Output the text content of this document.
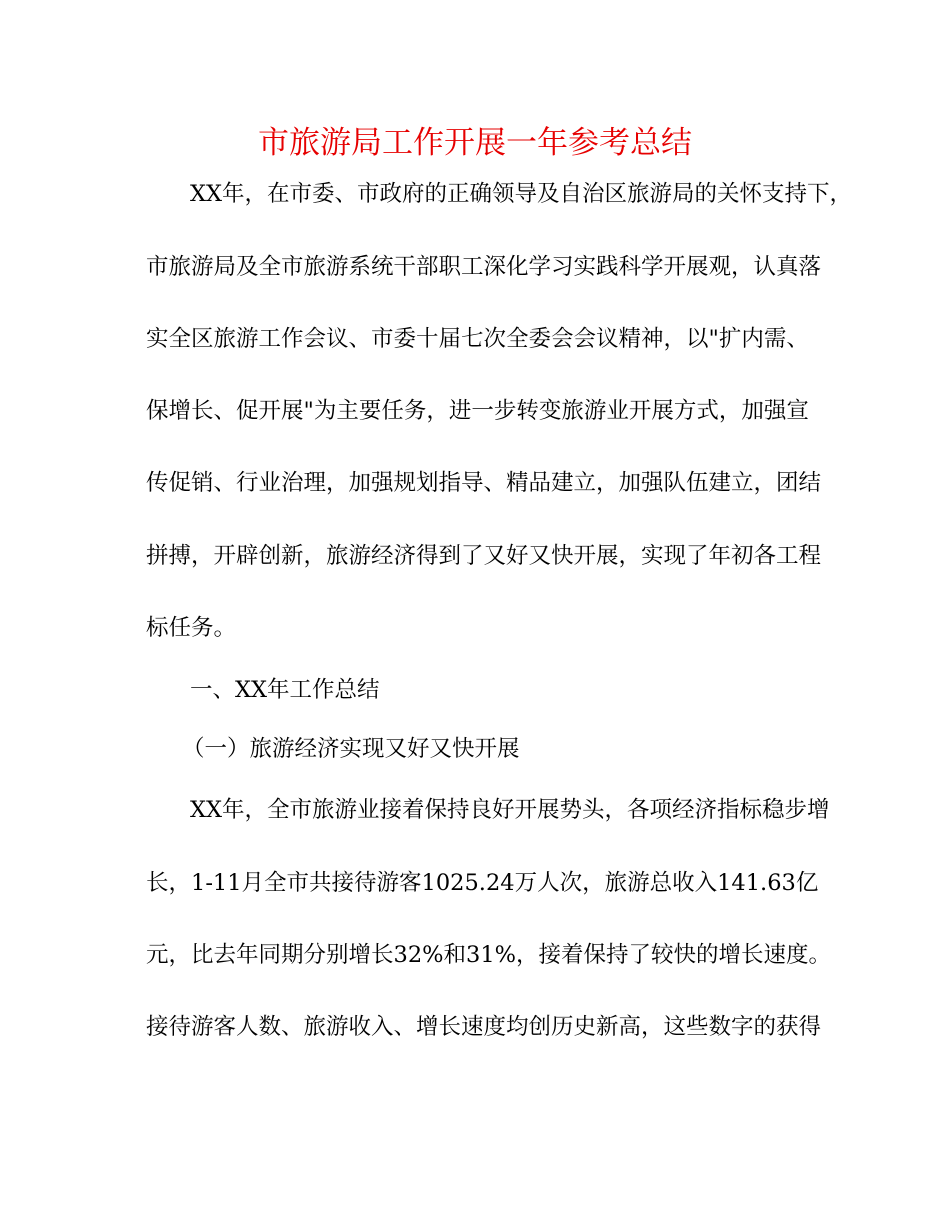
市旅游局工作开展一年参考总结

XX年，在市委、市政府的正确领导及自治区旅游局的关怀支持下，

市旅游局及全市旅游系统干部职工深化学习实践科学开展观，认真落

实全区旅游工作会议、市委十届七次全委会会议精神，以"扩内需、

保增长、促开展"为主要任务，进一步转变旅游业开展方式，加强宣

传促销、行业治理，加强规划指导、精品建立，加强队伍建立，团结

拼搏，开辟创新，旅游经济得到了又好又快开展，实现了年初各工程

标任务。

一、XX年工作总结

（一）旅游经济实现又好又快开展

XX年，全市旅游业接着保持良好开展势头，各项经济指标稳步增

长，1-11月全市共接待游客1025.24万人次，旅游总收入141.63亿

元，比去年同期分别增长32%和31%，接着保持了较快的增长速度。

接待游客人数、旅游收入、增长速度均创历史新高，这些数字的获得
